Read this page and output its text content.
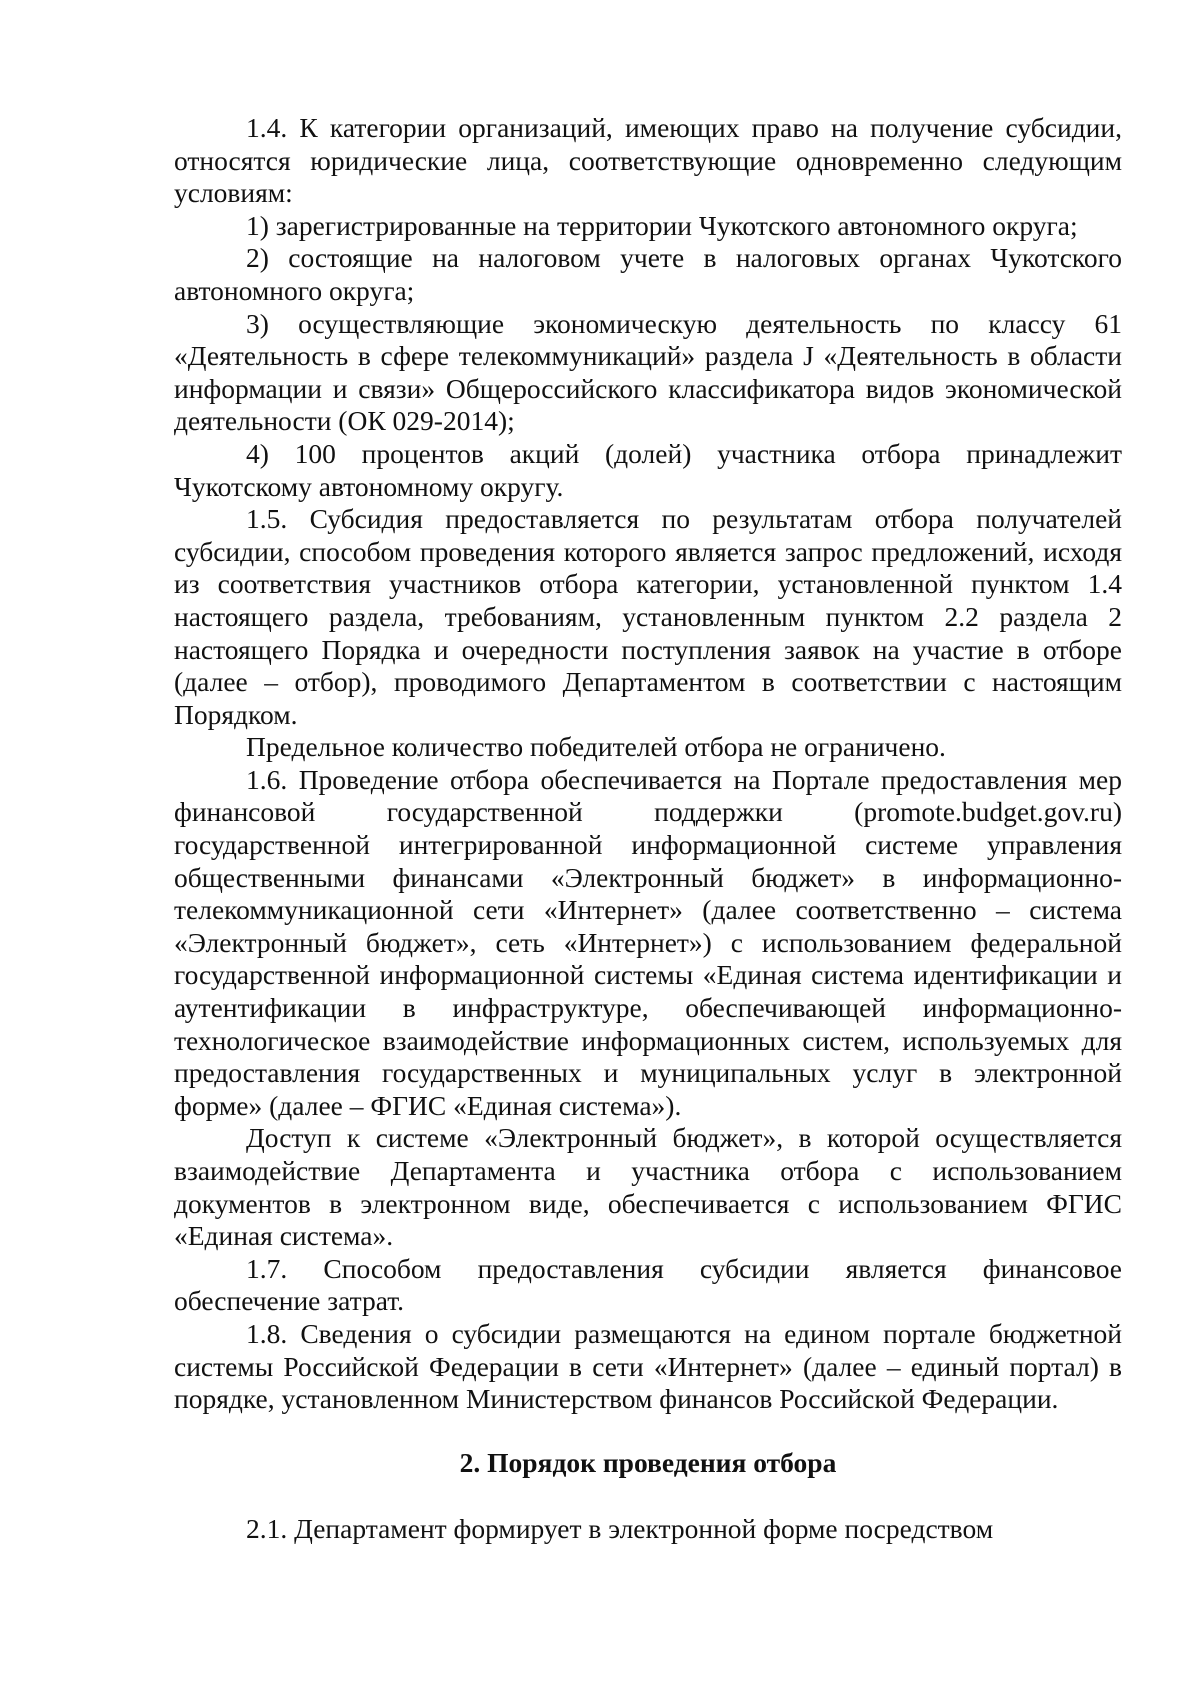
1.4. К категории организаций, имеющих право на получение субсидии, относятся юридические лица, соответствующие одновременно следующим условиям:

1) зарегистрированные на территории Чукотского автономного округа;

2) состоящие на налоговом учете в налоговых органах Чукотского автономного округа;

3) осуществляющие экономическую деятельность по классу 61 «Деятельность в сфере телекоммуникаций» раздела J «Деятельность в области информации и связи» Общероссийского классификатора видов экономической деятельности (ОК 029-2014);

4) 100 процентов акций (долей) участника отбора принадлежит Чукотскому автономному округу.

1.5. Субсидия предоставляется по результатам отбора получателей субсидии, способом проведения которого является запрос предложений, исходя из соответствия участников отбора категории, установленной пунктом 1.4 настоящего раздела, требованиям, установленным пунктом 2.2 раздела 2 настоящего Порядка и очередности поступления заявок на участие в отборе (далее – отбор), проводимого Департаментом в соответствии с настоящим Порядком.

Предельное количество победителей отбора не ограничено.

1.6. Проведение отбора обеспечивается на Портале предоставления мер финансовой государственной поддержки (promote.budget.gov.ru) государственной интегрированной информационной системе управления общественными финансами «Электронный бюджет» в информационно-телекоммуникационной сети «Интернет» (далее соответственно – система «Электронный бюджет», сеть «Интернет») с использованием федеральной государственной информационной системы «Единая система идентификации и аутентификации в инфраструктуре, обеспечивающей информационно-технологическое взаимодействие информационных систем, используемых для предоставления государственных и муниципальных услуг в электронной форме» (далее – ФГИС «Единая система»).

Доступ к системе «Электронный бюджет», в которой осуществляется взаимодействие Департамента и участника отбора с использованием документов в электронном виде, обеспечивается с использованием ФГИС «Единая система».

1.7. Способом предоставления субсидии является финансовое обеспечение затрат.

1.8. Сведения о субсидии размещаются на едином портале бюджетной системы Российской Федерации в сети «Интернет» (далее – единый портал) в порядке, установленном Министерством финансов Российской Федерации.

2. Порядок проведения отбора

2.1. Департамент формирует в электронной форме посредством
